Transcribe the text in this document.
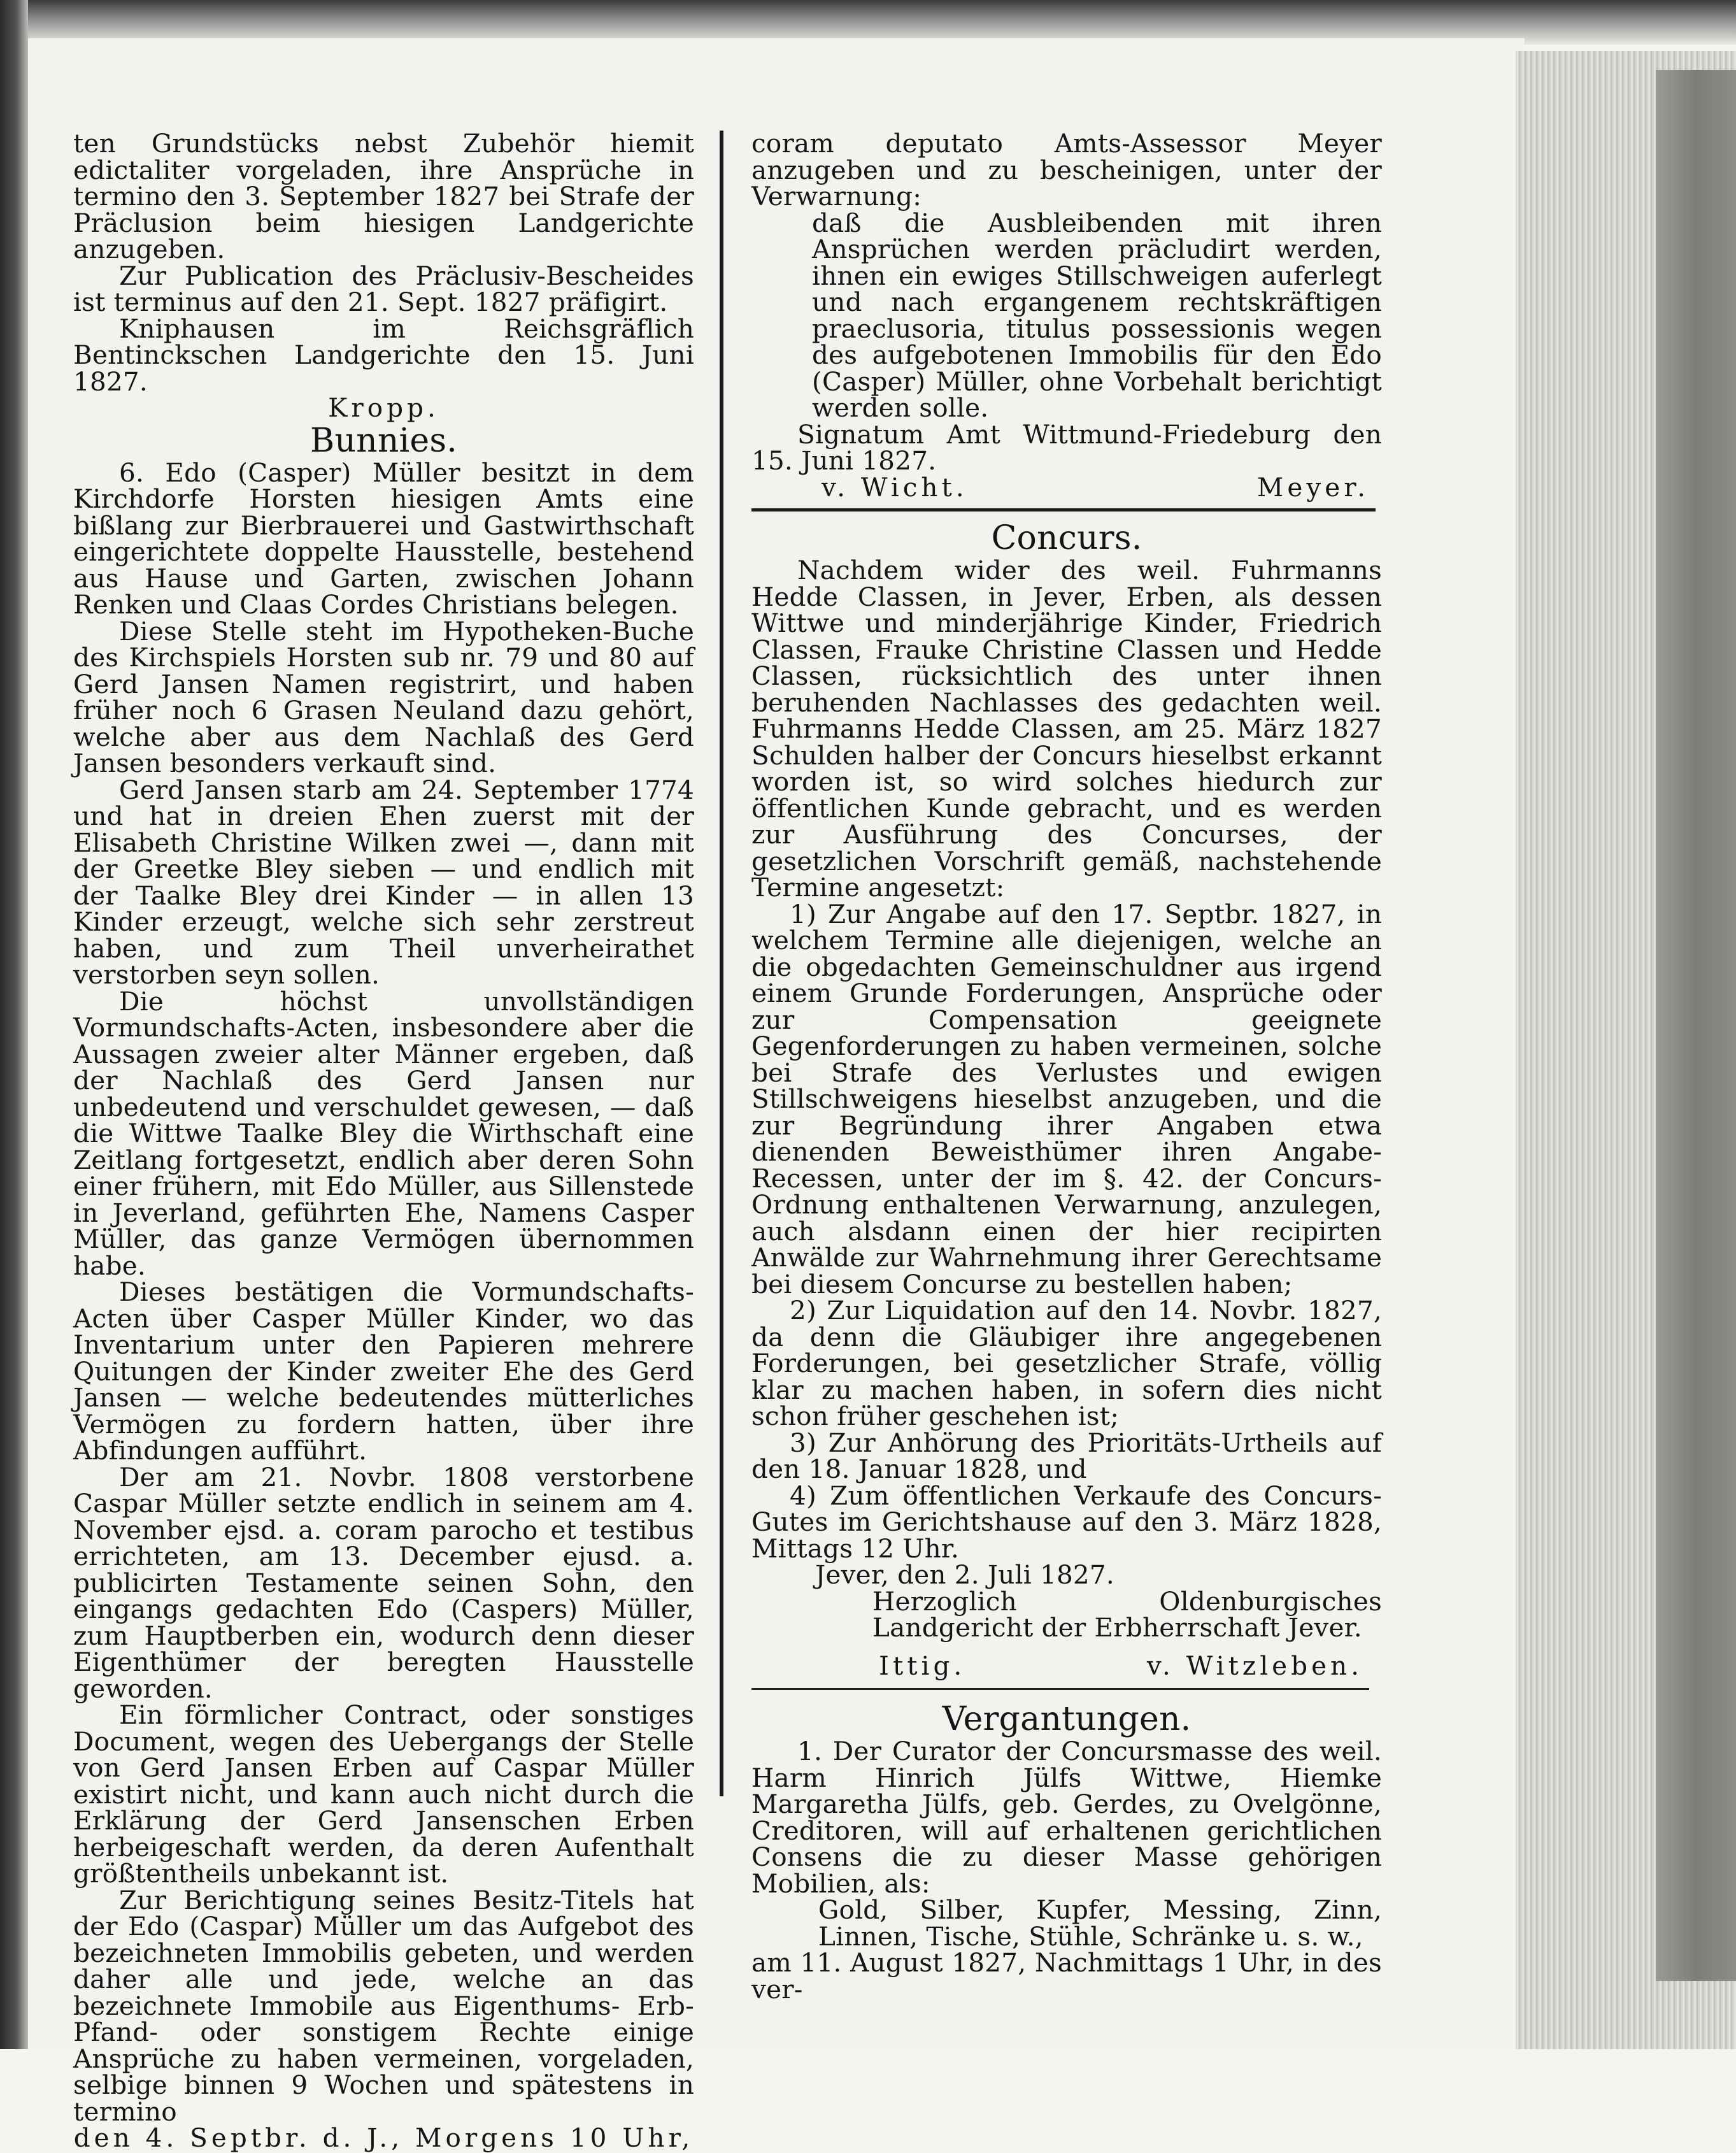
ten Grundstücks nebst Zubehör hiemit edictaliter vorgeladen, ihre Ansprüche in termino den 3. September 1827 bei Strafe der Präclusion beim hiesigen Landgerichte anzugeben.

Zur Publication des Präclusiv-Bescheides ist terminus auf den 21. Sept. 1827 präfigirt.

Kniphausen im Reichsgräflich Bentinckschen Landgerichte den 15. Juni 1827.

Kropp.

Bunnies.

6. Edo (Casper) Müller besitzt in dem Kirchdorfe Horsten hiesigen Amts eine bißlang zur Bierbrauerei und Gastwirthschaft eingerichtete doppelte Hausstelle, bestehend aus Hause und Garten, zwischen Johann Renken und Claas Cordes Christians belegen.

Diese Stelle steht im Hypotheken-Buche des Kirchspiels Horsten sub nr. 79 und 80 auf Gerd Jansen Namen registrirt, und haben früher noch 6 Grasen Neuland dazu gehört, welche aber aus dem Nachlaß des Gerd Jansen besonders verkauft sind.

Gerd Jansen starb am 24. September 1774 und hat in dreien Ehen zuerst mit der Elisabeth Christine Wilken zwei —, dann mit der Greetke Bley sieben — und endlich mit der Taalke Bley drei Kinder — in allen 13 Kinder erzeugt, welche sich sehr zerstreut haben, und zum Theil unverheirathet verstorben seyn sollen.

Die höchst unvollständigen Vormundschafts-Acten, insbesondere aber die Aussagen zweier alter Männer ergeben, daß der Nachlaß des Gerd Jansen nur unbedeutend und verschuldet gewesen, — daß die Wittwe Taalke Bley die Wirthschaft eine Zeitlang fortgesetzt, endlich aber deren Sohn einer frühern, mit Edo Müller, aus Sillenstede in Jeverland, geführten Ehe, Namens Casper Müller, das ganze Vermögen übernommen habe.

Dieses bestätigen die Vormundschafts-Acten über Casper Müller Kinder, wo das Inventarium unter den Papieren mehrere Quitungen der Kinder zweiter Ehe des Gerd Jansen — welche bedeutendes mütterliches Vermögen zu fordern hatten, über ihre Abfindungen aufführt.

Der am 21. Novbr. 1808 verstorbene Caspar Müller setzte endlich in seinem am 4. November ejsd. a. coram parocho et testibus errichteten, am 13. December ejusd. a. publicirten Testamente seinen Sohn, den eingangs gedachten Edo (Caspers) Müller, zum Hauptberben ein, wodurch denn dieser Eigenthümer der beregten Hausstelle geworden.

Ein förmlicher Contract, oder sonstiges Document, wegen des Uebergangs der Stelle von Gerd Jansen Erben auf Caspar Müller existirt nicht, und kann auch nicht durch die Erklärung der Gerd Jansenschen Erben herbeigeschaft werden, da deren Aufenthalt größtentheils unbekannt ist.

Zur Berichtigung seines Besitz-Titels hat der Edo (Caspar) Müller um das Aufgebot des bezeichneten Immobilis gebeten, und werden daher alle und jede, welche an das bezeichnete Immobile aus Eigenthums- Erb- Pfand- oder sonstigem Rechte einige Ansprüche zu haben vermeinen, vorgeladen, selbige binnen 9 Wochen und spätestens in termino

den 4. Septbr. d. J., Morgens 10 Uhr,

coram deputato Amts-Assessor Meyer anzugeben und zu bescheinigen, unter der Verwarnung:

daß die Ausbleibenden mit ihren Ansprüchen werden präcludirt werden, ihnen ein ewiges Stillschweigen auferlegt und nach ergangenem rechtskräftigen praeclusoria, titulus possessionis wegen des aufgebotenen Immobilis für den Edo (Casper) Müller, ohne Vorbehalt berichtigt werden solle.

Signatum Amt Wittmund-Friedeburg den 15. Juni 1827.

v. Wicht.	Meyer.

Concurs.

Nachdem wider des weil. Fuhrmanns Hedde Classen, in Jever, Erben, als dessen Wittwe und minderjährige Kinder, Friedrich Classen, Frauke Christine Classen und Hedde Classen, rücksichtlich des unter ihnen beruhenden Nachlasses des gedachten weil. Fuhrmanns Hedde Classen, am 25. März 1827 Schulden halber der Concurs hieselbst erkannt worden ist, so wird solches hiedurch zur öffentlichen Kunde gebracht, und es werden zur Ausführung des Concurses, der gesetzlichen Vorschrift gemäß, nachstehende Termine angesetzt:

1) Zur Angabe auf den 17. Septbr. 1827, in welchem Termine alle diejenigen, welche an die obgedachten Gemeinschuldner aus irgend einem Grunde Forderungen, Ansprüche oder zur Compensation geeignete Gegenforderungen zu haben vermeinen, solche bei Strafe des Verlustes und ewigen Stillschweigens hieselbst anzugeben, und die zur Begründung ihrer Angaben etwa dienenden Beweisthümer ihren Angabe-Recessen, unter der im §. 42. der Concurs-Ordnung enthaltenen Verwarnung, anzulegen, auch alsdann einen der hier recipirten Anwälde zur Wahrnehmung ihrer Gerechtsame bei diesem Concurse zu bestellen haben;

2) Zur Liquidation auf den 14. Novbr. 1827, da denn die Gläubiger ihre angegebenen Forderungen, bei gesetzlicher Strafe, völlig klar zu machen haben, in sofern dies nicht schon früher geschehen ist;

3) Zur Anhörung des Prioritäts-Urtheils auf den 18. Januar 1828, und

4) Zum öffentlichen Verkaufe des Concurs-Gutes im Gerichtshause auf den 3. März 1828, Mittags 12 Uhr.

Jever, den 2. Juli 1827.

Herzoglich Oldenburgisches Landgericht der Erbherrschaft Jever.

Ittig.	v. Witzleben.

Vergantungen.

1. Der Curator der Concursmasse des weil. Harm Hinrich Jülfs Wittwe, Hiemke Margaretha Jülfs, geb. Gerdes, zu Ovelgönne, Creditoren, will auf erhaltenen gerichtlichen Consens die zu dieser Masse gehörigen Mobilien, als:

Gold, Silber, Kupfer, Messing, Zinn, Linnen, Tische, Stühle, Schränke u. s. w.,

am 11. August 1827, Nachmittags 1 Uhr, in des ver-
